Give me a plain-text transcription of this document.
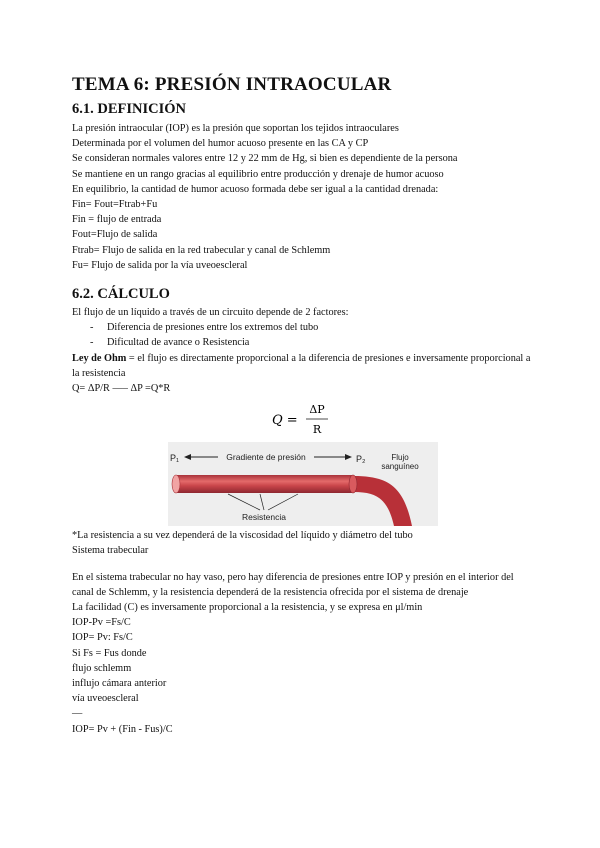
TEMA 6: PRESIÓN INTRAOCULAR
6.1. DEFINICIÓN

La presión intraocular (IOP) es la presión que soportan los tejidos intraoculares

Determinada por el volumen del humor acuoso presente en las CA y CP

Se consideran normales valores entre 12 y 22 mm de Hg, si bien es dependiente de la persona

Se mantiene en un rango gracias al equilibrio entre producción y drenaje de humor acuoso

En equilibrio, la cantidad de humor acuoso formada debe ser igual a la cantidad drenada:

Fin= Fout=Ftrab+Fu

Fin = flujo de entrada

Fout=Flujo de salida

Ftrab= Flujo de salida en la red trabecular y canal de Schlemm

Fu= Flujo de salida por la vía uveoescleral

6.2. CÁLCULO

El flujo de un líquido a través de un circuito depende de 2 factores:

- Diferencia de presiones entre los extremos del tubo
- Dificultad de avance o Resistencia

Ley de Ohm = el flujo es directamente proporcional a la diferencia de presiones e inversamente proporcional a la resistencia

Q= ΔP/R —– ΔP =Q*R

Q =
ΔP
R
P₁	P₂
Gradiente de presión
Resistencia
Flujo
sanguíneo

*La resistencia a su vez dependerá de la viscosidad del líquido y diámetro del tubo

Sistema trabecular

En el sistema trabecular no hay vaso, pero hay diferencia de presiones entre IOP y presión en el interior del canal de Schlemm, y la resistencia dependerá de la resistencia ofrecida por el sistema de drenaje

La facilidad (C) es inversamente proporcional a la resistencia, y se expresa en μl/min

IOP-Pv =Fs/C

IOP= Pv: Fs/C

Si Fs = Fus donde

flujo schlemm

influjo cámara anterior

vía uveoescleral

—

IOP= Pv + (Fin - Fus)/C
